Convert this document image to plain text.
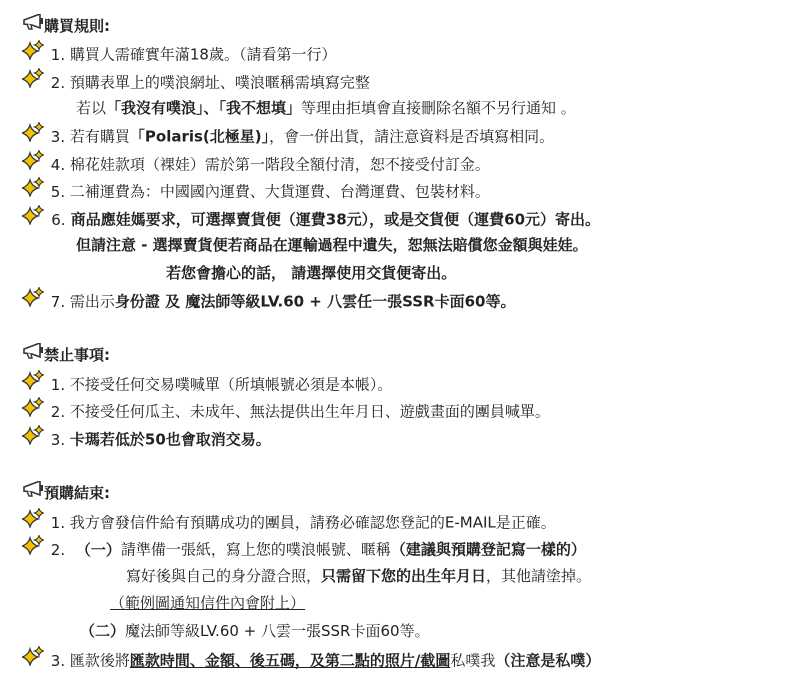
購買規則:
1. 購買人需確實年滿18歲。（請看第一行）
2. 預購表單上的噗浪網址、噗浪暱稱需填寫完整
若以「我沒有噗浪」、「我不想填」等理由拒填會直接刪除名額不另行通知 。
3. 若有購買「Polaris(北極星)」，會一併出貨，請注意資料是否填寫相同。
4. 棉花娃款項（裸娃）需於第一階段全額付清，恕不接受付訂金。
5. 二補運費為：中國國內運費、大貨運費、台灣運費、包裝材料。
6. 商品應娃媽要求，可選擇賣貨便（運費38元），或是交貨便（運費60元）寄出。
但請注意 - 選擇賣貨便若商品在運輸過程中遺失，恕無法賠償您金額與娃娃。
若您會擔心的話， 請選擇使用交貨便寄出。
7. 需出示身份證 及 魔法師等級LV.60 + 八雲任一張SSR卡面60等。
禁止事項:
1. 不接受任何交易噗喊單（所填帳號必須是本帳）。
2. 不接受任何瓜主、未成年、無法提供出生年月日、遊戲畫面的團員喊單。
3. 卡瑪若低於50也會取消交易。
預購結束:
1. 我方會發信件給有預購成功的團員，請務必確認您登記的E-MAIL是正確。
2. （一）請準備一張紙，寫上您的噗浪帳號、暱稱（建議與預購登記寫一樣的）
寫好後與自己的身分證合照，只需留下您的出生年月日，其他請塗掉。
（範例圖通知信件內會附上）
（二）魔法師等級LV.60 + 八雲一張SSR卡面60等。
3. 匯款後將匯款時間、金額、後五碼，及第二點的照片/截圖私噗我（注意是私噗）
